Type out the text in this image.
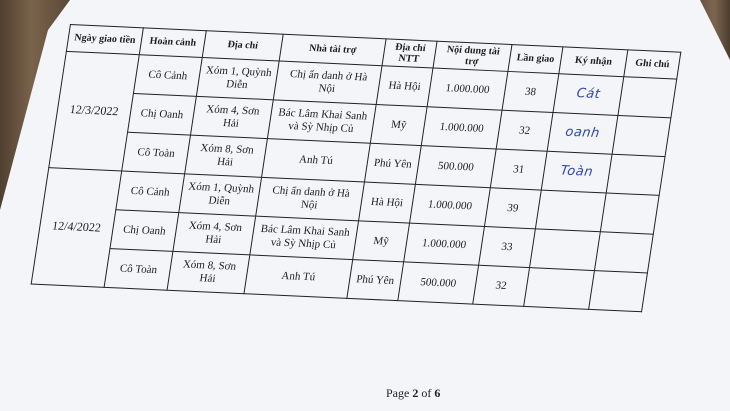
Ngày giao tiền	Hoàn cảnh	Địa chỉ	Nhà tài trợ	Địa chỉ NTT	Nội dung tài trợ	Lần giao	Ký nhận	Ghi chú
12/3/2022	Cô Cảnh	Xóm 1, Quỳnh Diễn	Chị ẩn danh ở Hà Nội	Hà Hội	1.000.000	38	Cát	
	Chị Oanh	Xóm 4, Sơn Hải	Bác Lâm Khai Sanh và Sỳ Nhịp Củ	Mỹ	1.000.000	32	oanh	
	Cô Toàn	Xóm 8, Sơn Hải	Anh Tú	Phú Yên	500.000	31	Toàn	
12/4/2022	Cô Cảnh	Xóm 1, Quỳnh Diễn	Chị ẩn danh ở Hà Nội	Hà Hội	1.000.000	39		
	Chị Oanh	Xóm 4, Sơn Hải	Bác Lâm Khai Sanh và Sỳ Nhịp Củ	Mỹ	1.000.000	33		
	Cô Toàn	Xóm 8, Sơn Hải	Anh Tú	Phú Yên	500.000	32		
Page 2 of 6
